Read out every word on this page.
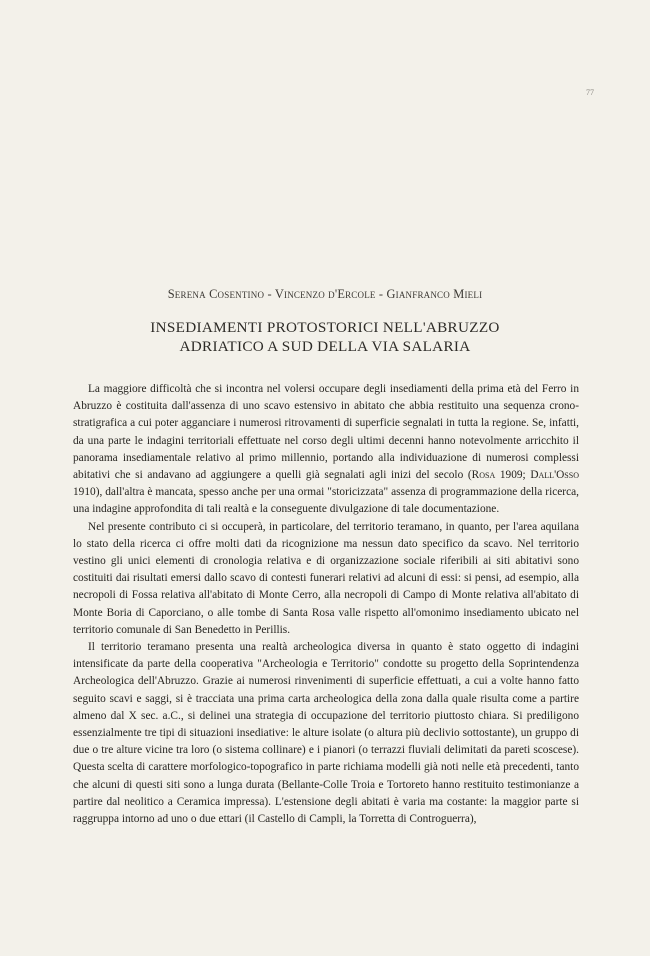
77
Serena Cosentino - Vincenzo d'Ercole - Gianfranco Mieli
INSEDIAMENTI PROTOSTORICI NELL'ABRUZZO
ADRIATICO A SUD DELLA VIA SALARIA

La maggiore difficoltà che si incontra nel volersi occupare degli insediamenti della prima età del Ferro in Abruzzo è costituita dall'assenza di uno scavo estensivo in abitato che abbia restituito una sequenza crono-stratigrafica a cui poter agganciare i numerosi ritrovamenti di superficie segnalati in tutta la regione. Se, infatti, da una parte le indagini territoriali effettuate nel corso degli ultimi decenni hanno notevolmente arricchito il panorama insediamentale relativo al primo millennio, portando alla individuazione di numerosi complessi abitativi che si andavano ad aggiungere a quelli già segnalati agli inizi del secolo (Rosa 1909; Dall'Osso 1910), dall'altra è mancata, spesso anche per una ormai "storicizzata" assenza di programmazione della ricerca, una indagine approfondita di tali realtà e la conseguente divulgazione di tale documentazione.

Nel presente contributo ci si occuperà, in particolare, del territorio teramano, in quanto, per l'area aquilana lo stato della ricerca ci offre molti dati da ricognizione ma nessun dato specifico da scavo. Nel territorio vestino gli unici elementi di cronologia relativa e di organizzazione sociale riferibili ai siti abitativi sono costituiti dai risultati emersi dallo scavo di contesti funerari relativi ad alcuni di essi: si pensi, ad esempio, alla necropoli di Fossa relativa all'abitato di Monte Cerro, alla necropoli di Campo di Monte relativa all'abitato di Monte Boria di Caporciano, o alle tombe di Santa Rosa valle rispetto all'omonimo insediamento ubicato nel territorio comunale di San Benedetto in Perillis.

Il territorio teramano presenta una realtà archeologica diversa in quanto è stato oggetto di indagini intensificate da parte della cooperativa "Archeologia e Territorio" condotte su progetto della Soprintendenza Archeologica dell'Abruzzo. Grazie ai numerosi rinvenimenti di superficie effettuati, a cui a volte hanno fatto seguito scavi e saggi, si è tracciata una prima carta archeologica della zona dalla quale risulta come a partire almeno dal X sec. a.C., si delinei una strategia di occupazione del territorio piuttosto chiara. Si prediligono essenzialmente tre tipi di situazioni insediative: le alture isolate (o altura più declivio sottostante), un gruppo di due o tre alture vicine tra loro (o sistema collinare) e i pianori (o terrazzi fluviali delimitati da pareti scoscese). Questa scelta di carattere morfologico-topografico in parte richiama modelli già noti nelle età precedenti, tanto che alcuni di questi siti sono a lunga durata (Bellante-Colle Troia e Tortoreto hanno restituito testimonianze a partire dal neolitico a Ceramica impressa). L'estensione degli abitati è varia ma costante: la maggior parte si raggruppa intorno ad uno o due ettari (il Castello di Campli, la Torretta di Controguerra),
